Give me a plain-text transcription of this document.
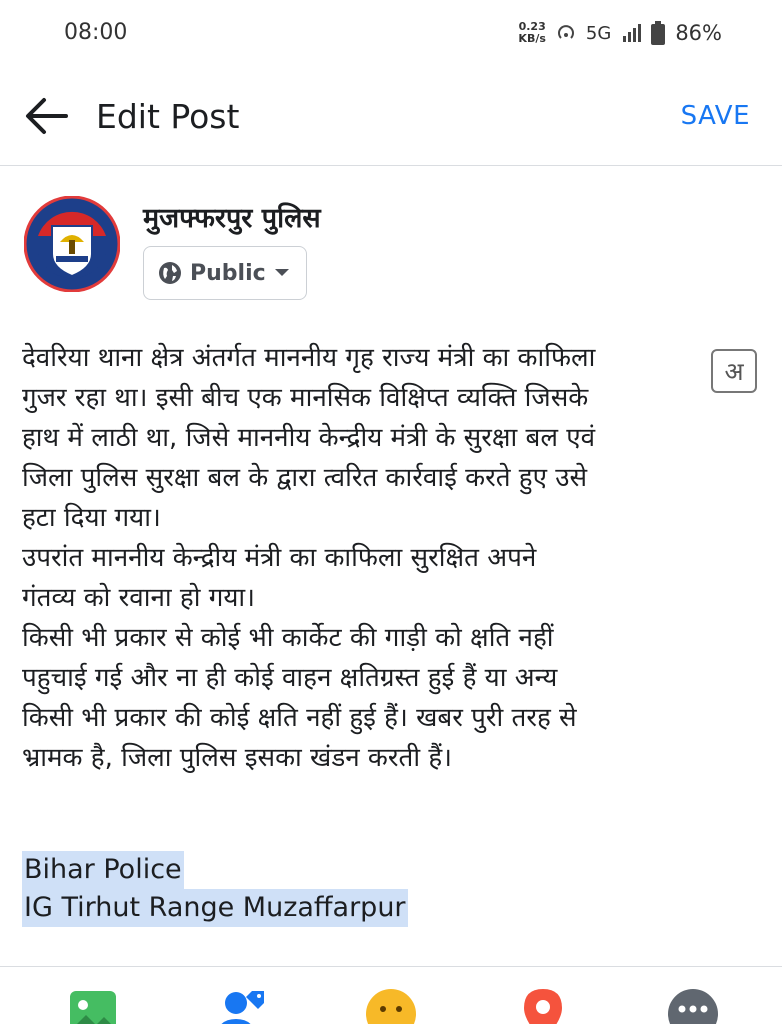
08:00	0.23
KB/s 5G	86%
Edit Post	SAVE
मुजफ्फरपुर पुलिस
Public
देवरिया थाना क्षेत्र अंतर्गत माननीय गृह राज्य मंत्री का काफिला
गुजर रहा था। इसी बीच एक मानसिक विक्षिप्त व्यक्ति जिसके
हाथ में लाठी था, जिसे माननीय केन्द्रीय मंत्री के सुरक्षा बल एवं
जिला पुलिस सुरक्षा बल के द्वारा त्वरित कार्रवाई करते हुए उसे
हटा दिया गया।
उपरांत माननीय केन्द्रीय मंत्री का काफिला सुरक्षित अपने
गंतव्य को रवाना हो गया।
किसी भी प्रकार से कोई भी कार्केट की गाड़ी को क्षति नहीं
पहुचाई गई और ना ही कोई वाहन क्षतिग्रस्त हुई हैं या अन्य
किसी भी प्रकार की कोई क्षति नहीं हुई हैं। खबर पुरी तरह से
भ्रामक है, जिला पुलिस इसका खंडन करती हैं।
अ
Bihar Police
IG Tirhut Range Muzaffarpur
